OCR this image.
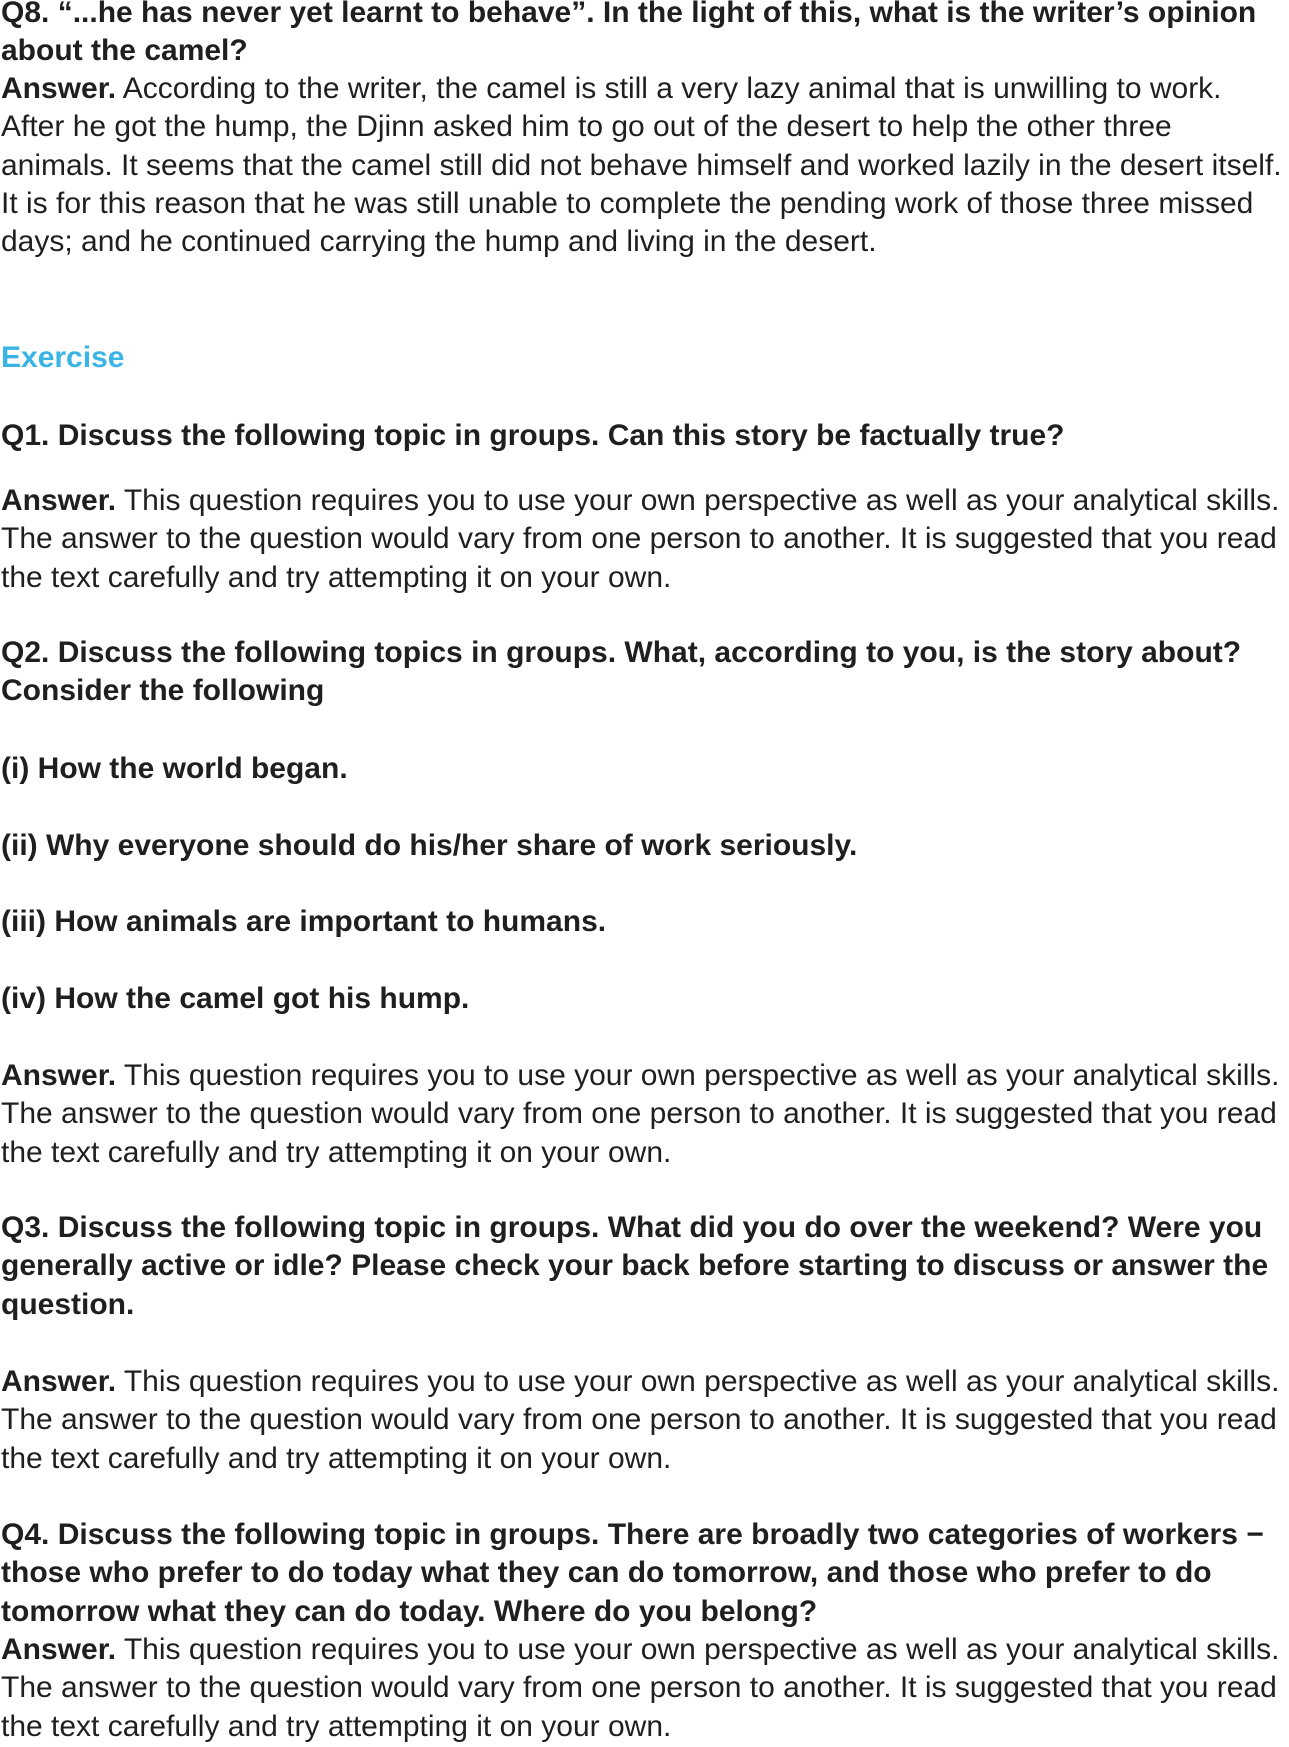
Q8. “...he has never yet learnt to behave”. In the light of this, what is the writer’s opinion about the camel?

Answer. According to the writer, the camel is still a very lazy animal that is unwilling to work. After he got the hump, the Djinn asked him to go out of the desert to help the other three animals. It seems that the camel still did not behave himself and worked lazily in the desert itself. It is for this reason that he was still unable to complete the pending work of those three missed days; and he continued carrying the hump and living in the desert.

Exercise

Q1. Discuss the following topic in groups. Can this story be factually true?

Answer. This question requires you to use your own perspective as well as your analytical skills. The answer to the question would vary from one person to another. It is suggested that you read the text carefully and try attempting it on your own.

Q2. Discuss the following topics in groups. What, according to you, is the story about? Consider the following

(i) How the world began.

(ii) Why everyone should do his/her share of work seriously.

(iii) How animals are important to humans.

(iv) How the camel got his hump.

Answer. This question requires you to use your own perspective as well as your analytical skills. The answer to the question would vary from one person to another. It is suggested that you read the text carefully and try attempting it on your own.

Q3. Discuss the following topic in groups. What did you do over the weekend? Were you generally active or idle? Please check your back before starting to discuss or answer the question.

Answer. This question requires you to use your own perspective as well as your analytical skills. The answer to the question would vary from one person to another. It is suggested that you read the text carefully and try attempting it on your own.

Q4. Discuss the following topic in groups. There are broadly two categories of workers − those who prefer to do today what they can do tomorrow, and those who prefer to do tomorrow what they can do today. Where do you belong?

Answer. This question requires you to use your own perspective as well as your analytical skills. The answer to the question would vary from one person to another. It is suggested that you read the text carefully and try attempting it on your own.
